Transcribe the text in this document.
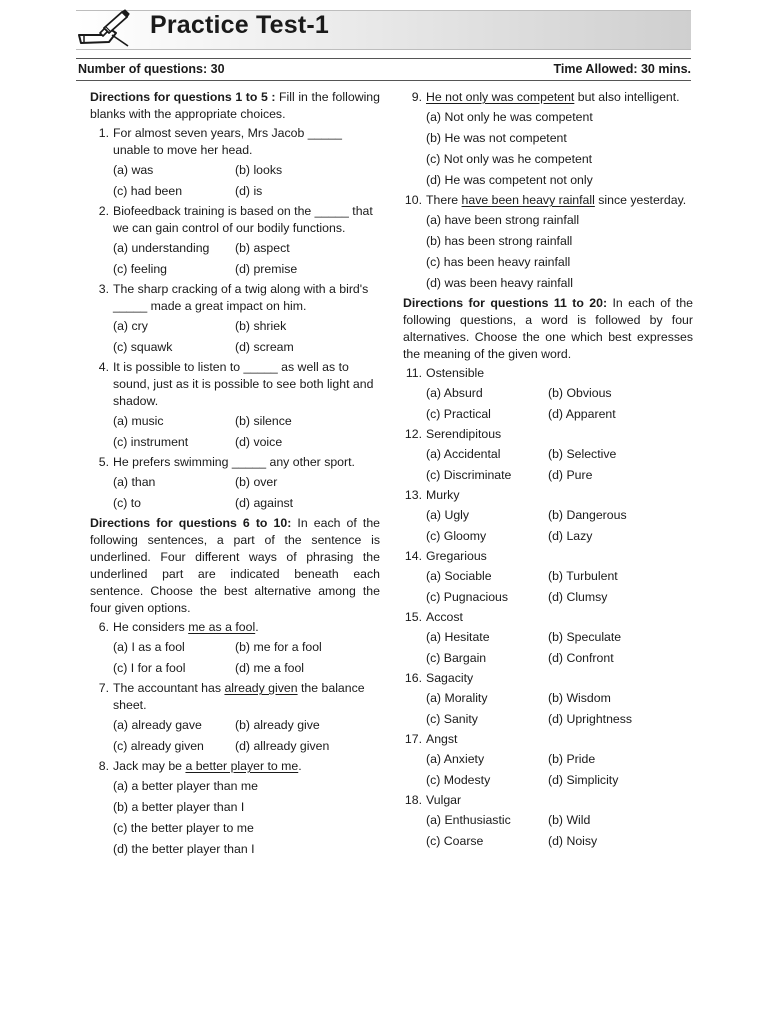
Practice Test-1
Number of questions: 30	Time Allowed: 30 mins.
Directions for questions 1 to 5 : Fill in the following blanks with the appropriate choices.
1. For almost seven years, Mrs Jacob _____ unable to move her head.
(a) was	(b) looks
(c) had been	(d) is
2. Biofeedback training is based on the _____ that we can gain control of our bodily functions.
(a) understanding	(b) aspect
(c) feeling	(d) premise
3. The sharp cracking of a twig along with a bird's _____ made a great impact on him.
(a) cry	(b) shriek
(c) squawk	(d) scream
4. It is possible to listen to _____ as well as to sound, just as it is possible to see both light and shadow.
(a) music	(b) silence
(c) instrument	(d) voice
5. He prefers swimming _____ any other sport.
(a) than	(b) over
(c) to	(d) against
Directions for questions 6 to 10: In each of the following sentences, a part of the sentence is underlined. Four different ways of phrasing the underlined part are indicated beneath each sentence. Choose the best alternative among the four given options.
6. He considers me as a fool.
(a) I as a fool	(b) me for a fool
(c) I for a fool	(d) me a fool
7. The accountant has already given the balance sheet.
(a) already gave	(b) already give
(c) already given	(d) allready given
8. Jack may be a better player to me.
(a) a better player than me
(b) a better player than I
(c) the better player to me
(d) the better player than I
9. He not only was competent but also intelligent.
(a) Not only he was competent
(b) He was not competent
(c) Not only was he competent
(d) He was competent not only
10. There have been heavy rainfall since yesterday.
(a) have been strong rainfall
(b) has been strong rainfall
(c) has been heavy rainfall
(d) was been heavy rainfall
Directions for questions 11 to 20: In each of the following questions, a word is followed by four alternatives. Choose the one which best expresses the meaning of the given word.
11. Ostensible
(a) Absurd	(b) Obvious
(c) Practical	(d) Apparent
12. Serendipitous
(a) Accidental	(b) Selective
(c) Discriminate	(d) Pure
13. Murky
(a) Ugly	(b) Dangerous
(c) Gloomy	(d) Lazy
14. Gregarious
(a) Sociable	(b) Turbulent
(c) Pugnacious	(d) Clumsy
15. Accost
(a) Hesitate	(b) Speculate
(c) Bargain	(d) Confront
16. Sagacity
(a) Morality	(b) Wisdom
(c) Sanity	(d) Uprightness
17. Angst
(a) Anxiety	(b) Pride
(c) Modesty	(d) Simplicity
18. Vulgar
(a) Enthusiastic	(b) Wild
(c) Coarse	(d) Noisy
